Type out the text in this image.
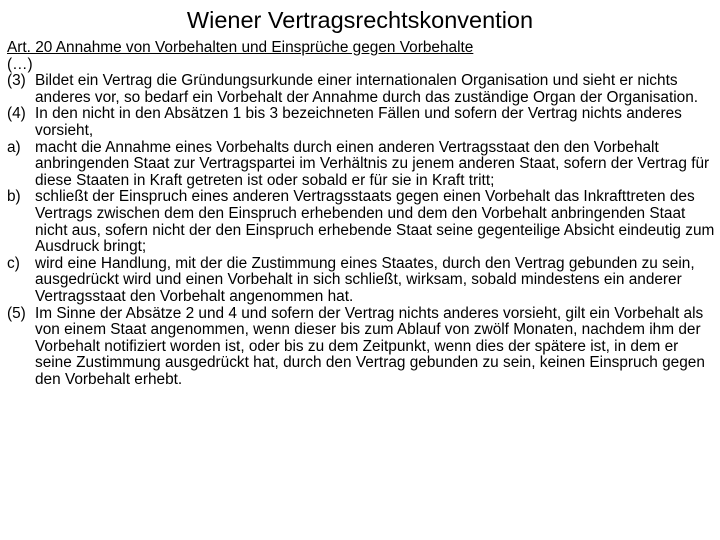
Wiener Vertragsrechtskonvention

Art. 20 Annahme von Vorbehalten und Einsprüche gegen Vorbehalte

(…)

(3) Bildet ein Vertrag die Gründungsurkunde einer internationalen Organisation und sieht er nichts anderes vor, so bedarf ein Vorbehalt der Annahme durch das zuständige Organ der Organisation.

(4) In den nicht in den Absätzen 1 bis 3 bezeichneten Fällen und sofern der Vertrag nichts anderes vorsieht,

a) macht die Annahme eines Vorbehalts durch einen anderen Vertragsstaat den den Vorbehalt anbringenden Staat zur Vertragspartei im Verhältnis zu jenem anderen Staat, sofern der Vertrag für diese Staaten in Kraft getreten ist oder sobald er für sie in Kraft tritt;

b) schließt der Einspruch eines anderen Vertragsstaats gegen einen Vorbehalt das Inkrafttreten des Vertrags zwischen dem den Einspruch erhebenden und dem den Vorbehalt anbringenden Staat nicht aus, sofern nicht der den Einspruch erhebende Staat seine gegenteilige Absicht eindeutig zum Ausdruck bringt;

c) wird eine Handlung, mit der die Zustimmung eines Staates, durch den Vertrag gebunden zu sein, ausgedrückt wird und einen Vorbehalt in sich schließt, wirksam, sobald mindestens ein anderer Vertragsstaat den Vorbehalt angenommen hat.

(5) Im Sinne der Absätze 2 und 4 und sofern der Vertrag nichts anderes vorsieht, gilt ein Vorbehalt als von einem Staat angenommen, wenn dieser bis zum Ablauf von zwölf Monaten, nachdem ihm der Vorbehalt notifiziert worden ist, oder bis zu dem Zeitpunkt, wenn dies der spätere ist, in dem er seine Zustimmung ausgedrückt hat, durch den Vertrag gebunden zu sein, keinen Einspruch gegen den Vorbehalt erhebt.
